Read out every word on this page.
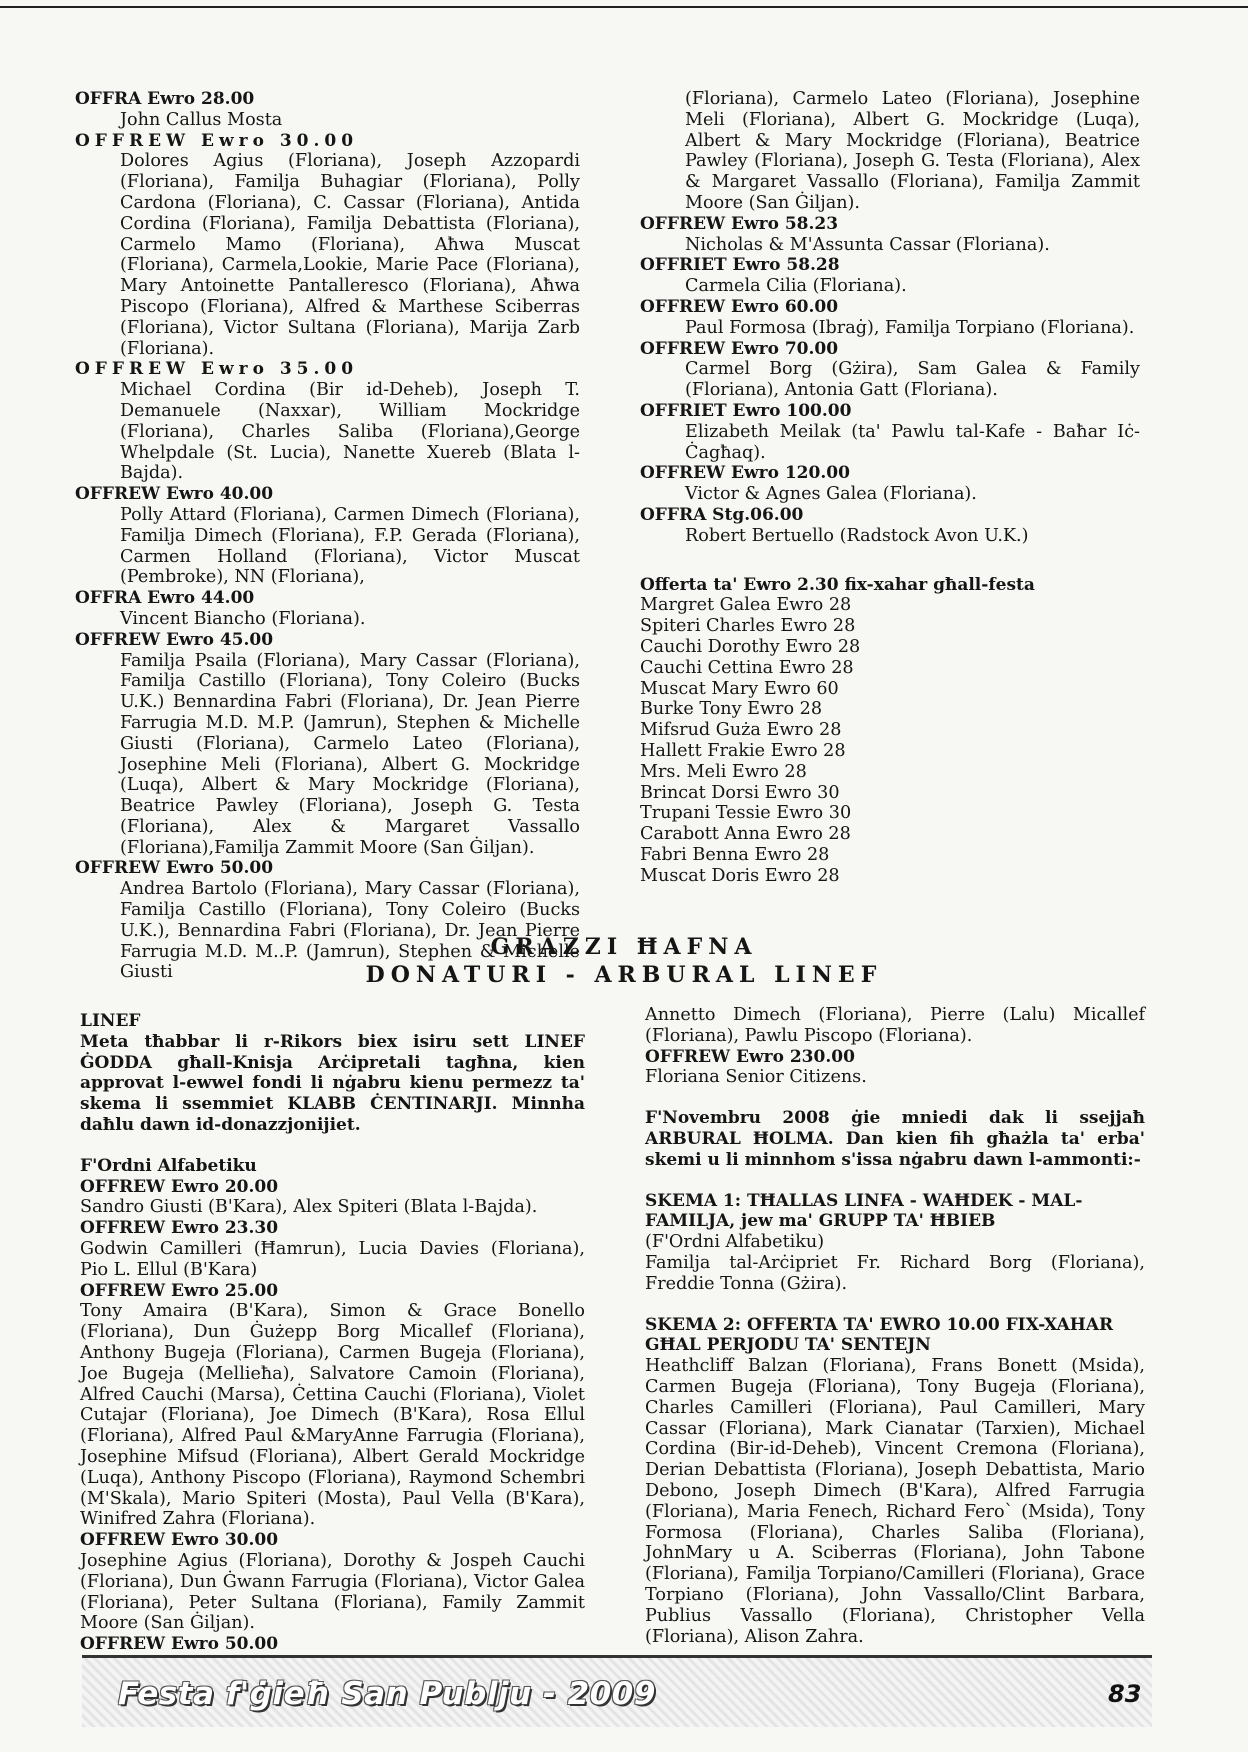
OFFRA Ewro 28.00
John Callus Mosta
OFFREW Ewro 30.00
Dolores Agius (Floriana), Joseph Azzopardi (Floriana), Familja Buhagiar (Floriana), Polly Cardona (Floriana), C. Cassar (Floriana), Antida Cordina (Floriana), Familja Debattista (Floriana), Carmelo Mamo (Floriana), Aħwa Muscat (Floriana), Carmela,Lookie, Marie Pace (Floriana), Mary Antoinette Pantalleresco (Floriana), Aħwa Piscopo (Floriana), Alfred & Marthese Sciberras (Floriana), Victor Sultana (Floriana), Marija Zarb (Floriana).
OFFREW Ewro 35.00
Michael Cordina (Bir id-Deheb), Joseph T. Demanuele (Naxxar), William Mockridge (Floriana), Charles Saliba (Floriana),George Whelpdale (St. Lucia), Nanette Xuereb (Blata l-Bajda).
OFFREW Ewro 40.00
Polly Attard (Floriana), Carmen Dimech (Floriana), Familja Dimech (Floriana), F.P. Gerada (Floriana), Carmen Holland (Floriana), Victor Muscat (Pembroke), NN (Floriana),
OFFRA Ewro 44.00
Vincent Biancho (Floriana).
OFFREW Ewro 45.00
Familja Psaila (Floriana), Mary Cassar (Floriana), Familja Castillo (Floriana), Tony Coleiro (Bucks U.K.) Bennardina Fabri (Floriana), Dr. Jean Pierre Farrugia M.D. M.P. (Jamrun), Stephen & Michelle Giusti (Floriana), Carmelo Lateo (Floriana), Josephine Meli (Floriana), Albert G. Mockridge (Luqa), Albert & Mary Mockridge (Floriana), Beatrice Pawley (Floriana), Joseph G. Testa (Floriana), Alex & Margaret Vassallo (Floriana),Familja Zammit Moore (San Ġiljan).
OFFREW Ewro 50.00
Andrea Bartolo (Floriana), Mary Cassar (Floriana), Familja Castillo (Floriana), Tony Coleiro (Bucks U.K.), Bennardina Fabri (Floriana), Dr. Jean Pierre Farrugia M.D. M..P. (Jamrun), Stephen & Michelle Giusti
(Floriana), Carmelo Lateo (Floriana), Josephine Meli (Floriana), Albert G. Mockridge (Luqa), Albert & Mary Mockridge (Floriana), Beatrice Pawley (Floriana), Joseph G. Testa (Floriana), Alex & Margaret Vassallo (Floriana), Familja Zammit Moore (San Ġiljan).
OFFREW Ewro 58.23
Nicholas & M'Assunta Cassar (Floriana).
OFFRIET Ewro 58.28
Carmela Cilia (Floriana).
OFFREW Ewro 60.00
Paul Formosa (Ibraġ), Familja Torpiano (Floriana).
OFFREW Ewro 70.00
Carmel Borg (Gżira), Sam Galea & Family (Floriana), Antonia Gatt (Floriana).
OFFRIET Ewro 100.00
Elizabeth Meilak (ta' Pawlu tal-Kafe - Baħar Iċ-Ċagħaq).
OFFREW Ewro 120.00
Victor & Agnes Galea (Floriana).
OFFRA Stg.06.00
Robert Bertuello (Radstock Avon U.K.)
Offerta ta' Ewro 2.30 fix-xahar għall-festa
Margret Galea Ewro 28
Spiteri Charles Ewro 28
Cauchi Dorothy Ewro 28
Cauchi Cettina Ewro 28
Muscat Mary Ewro 60
Burke Tony Ewro 28
Mifsrud Guża Ewro 28
Hallett Frakie Ewro 28
Mrs. Meli Ewro 28
Brincat Dorsi Ewro 30
Trupani Tessie Ewro 30
Carabott Anna Ewro 28
Fabri Benna Ewro 28
Muscat Doris Ewro 28
GRAZZI ĦAFNA
DONATURI - ARBURAL LINEF
LINEF
Meta tħabbar li r-Rikors biex isiru sett LINEF ĠODDA għall-Knisja Arċipretali tagħna, kien approvat l-ewwel fondi li nġabru kienu permezz ta' skema li ssemmiet KLABB ĊENTINARJI. Minnha daħlu dawn id-donazzjonijiet.
F'Ordni Alfabetiku
OFFREW Ewro 20.00
Sandro Giusti (B'Kara), Alex Spiteri (Blata l-Bajda).
OFFREW Ewro 23.30
Godwin Camilleri (Ħamrun), Lucia Davies (Floriana), Pio L. Ellul (B'Kara)
OFFREW Ewro 25.00
Tony Amaira (B'Kara), Simon & Grace Bonello (Floriana), Dun Ġużepp Borg Micallef (Floriana), Anthony Bugeja (Floriana), Carmen Bugeja (Floriana), Joe Bugeja (Mellieħa), Salvatore Camoin (Floriana), Alfred Cauchi (Marsa), Ċettina Cauchi (Floriana), Violet Cutajar (Floriana), Joe Dimech (B'Kara), Rosa Ellul (Floriana), Alfred Paul &MaryAnne Farrugia (Floriana), Josephine Mifsud (Floriana), Albert Gerald Mockridge (Luqa), Anthony Piscopo (Floriana), Raymond Schembri (M'Skala), Mario Spiteri (Mosta), Paul Vella (B'Kara), Winifred Zahra (Floriana).
OFFREW Ewro 30.00
Josephine Agius (Floriana), Dorothy & Jospeh Cauchi (Floriana), Dun Ġwann Farrugia (Floriana), Victor Galea (Floriana), Peter Sultana (Floriana), Family Zammit Moore (San Ġiljan).
OFFREW Ewro 50.00
Annetto Dimech (Floriana), Pierre (Lalu) Micallef (Floriana), Pawlu Piscopo (Floriana).
OFFREW Ewro 230.00
Floriana Senior Citizens.
F'Novembru 2008 ġie mniedi dak li ssejjaħ ARBURAL ĦOLMA. Dan kien fih għażla ta' erba' skemi u li minnhom s'issa nġabru dawn l-ammonti:-
SKEMA 1: TĦALLAS LINFA - WAĦDEK - MAL-FAMILJA, jew ma' GRUPP TA' ĦBIEB
(F'Ordni Alfabetiku)
Familja tal-Arċipriet Fr. Richard Borg (Floriana), Freddie Tonna (Gżira).
SKEMA 2: OFFERTA TA' EWRO 10.00 FIX-XAHAR GĦAL PERJODU TA' SENTEJN
Heathcliff Balzan (Floriana), Frans Bonett (Msida), Carmen Bugeja (Floriana), Tony Bugeja (Floriana), Charles Camilleri (Floriana), Paul Camilleri, Mary Cassar (Floriana), Mark Cianatar (Tarxien), Michael Cordina (Bir-id-Deheb), Vincent Cremona (Floriana), Derian Debattista (Floriana), Joseph Debattista, Mario Debono, Joseph Dimech (B'Kara), Alfred Farrugia (Floriana), Maria Fenech, Richard Fero` (Msida), Tony Formosa (Floriana), Charles Saliba (Floriana), JohnMary u A. Sciberras (Floriana), John Tabone (Floriana), Familja Torpiano/Camilleri (Floriana), Grace Torpiano (Floriana), John Vassallo/Clint Barbara, Publius Vassallo (Floriana), Christopher Vella (Floriana), Alison Zahra.
Festa f'ġieħ San Publju - 2009	83
